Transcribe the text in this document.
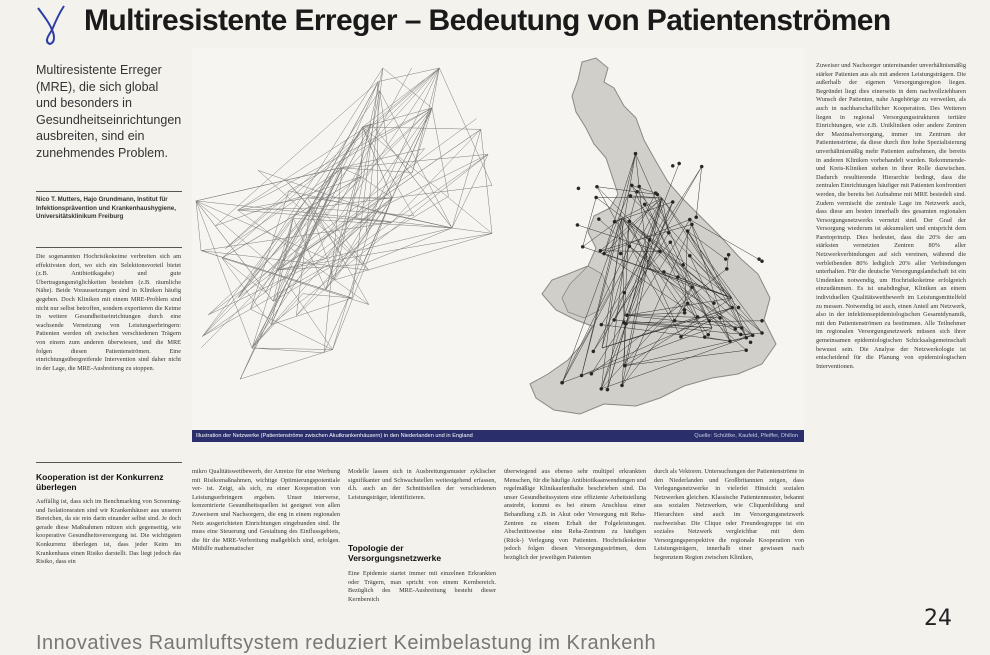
Multiresistente Erreger – Bedeutung von Patientenströmen
Multiresistente Erreger (MRE), die sich global und besonders in Gesundheitseinrichtungen ausbreiten, sind ein zunehmendes Problem.
Nico T. Mutters, Hajo Grundmann, Institut für Infektionsprävention und Krankenhaushygiene, Universitätsklinikum Freiburg
Die sogenannten Hochrisikokeime verbreiten sich am effektivsten dort, wo sich ein Selektionsvorteil bietet (z.B. Antibiotikagabe) und gute Übertragungsmöglichkeiten bestehen (z.B. räumliche Nähe). Beide Voraussetzungen sind in Kliniken häufig gegeben. Doch Kliniken mit einem MRE-Problem sind nicht nur selbst betroffen, sondern exportieren die Keime in weitere Gesundheitseinrichtungen durch eine wachsende Vernetzung von Leistungserbringern: Patienten werden oft zwischen verschiedenen Trägern von einem zum anderen überwiesen, und die MRE folgen diesen Patientenströmen. Eine einrichtungsübergreifende Intervention sind daher nicht in der Lage, die MRE-Ausbreitung zu stoppen.
Kooperation ist der Konkurrenz überlegen
Auffällig ist, dass sich im Benchmarking von Screening- und Isolationsraten sind wir Krankenhäuser aus unseren Bereichen, da sie rein darin einander selbst sind. Je doch gerade diese Maßnahmen nützen sich gegenseitig, wie kooperative Gesundheitsversorgung ist. Die wichtigsten Konkurrenz überlegen ist, dass jeder Keim im Krankenhaus einen Risiko darstellt. Das liegt jedoch das Risiko, dass ein
mikro Qualitätswettbewerb, der Anreize für eine Werbung mit Risikomaßnahmen, wichtige Optimierungspotentiale ver- ist. Zeigt, als sich, zu einer Kooperation von Leistungserbringern ergeben. Unser interverse, konzentrierte Gesundheitsquellen ist geeignet von allen Zuweisern und Nachsorgern, die eng in einem regionalen Netz ausgerichteten Einrichtungen eingebunden sind. Ihr muss eine Steuerung und Gestaltung des Einflussgebiets, die für die MRE-Verbreitung maßgeblich sind, erfolgen. Mithilfe mathematischer
Modelle lassen sich in Ausbreitungsmuster zyklischer signifikanter und Schwachstellen weitestgehend erfassen, d.h. auch an der Schnittstellen der verschiedenen Leistungsträger, identifizieren.
Topologie der Versorgungsnetzwerke
Eine Epidemie startet immer mit einzelnen Erkrankten oder Trägern, man spricht von einem Kernbereich. Bezüglich des MRE-Ausbreitung besteht dieser Kernbereich
überwiegend aus ebenso sehr multipel erkrankten Menschen, für die häufige Antibiotikaanwendungen und regelmäßige Klinikaufenthalte beschrieben sind. Da unser Gesundheitssystem eine effiziente Arbeitsteilung anstrebt, kommt es bei einem Anschluss einer Behandlung z.B. in Akut oder Versorgung mit Reha-Zentren zu einem Erhalt der Folgeleistungen. Abschnittsweise eine Reha-Zentrum zu häufigen (Rück-) Verlegung von Patienten. Hochrisikokeime jedoch folgen diesen Versorgungsströmen, dem bezüglich der jeweiligen Patienten
durch als Vektoren. Untersuchungen der Patientenströme in den Niederlanden und Großbritannien zeigen, dass Verlegungsnetzwerke in vielerlei Hinsicht sozialen Netzwerken gleichen. Klassische Patientenmuster, bekannt aus sozialen Netzwerken, wie Cliquenbildung und Hierarchien sind auch im Versorgungsnetzwerk nachweisbar. Die Clique oder Freundesgruppe ist ein soziales Netzwerk vergleichbar mit dem Versorgungsperspektive die regionale Kooperation von Leistungsträgern, innerhalb einer gewissen nach begrenztem Region zwischen Kliniken,
Zuweiser und Nachsorger untereinander unverhältnismäßig stärker Patienten aus als mit anderen Leistungsträgern. Die außerhalb der eigenen Versorgungsregion liegen. Begründet liegt dies einerseits in dem nachvollziehbaren Wunsch der Patienten, nahe Angehörige zu verweilen, als auch in nachbarschaftlicher Kooperation. Des Weiteren liegen in regional Versorgungsstrukturen tertiäre Einrichtungen, wie z.B. Unikliniken oder andere Zentren der Maximalversorgung, immer im Zentrum der Patientenströme, da diese durch ihre hohe Spezialisierung unverhältnismäßig mehr Patienten aufnehmen, die bereits in anderen Kliniken vorbehandelt wurden. Rekommende- und Kreis-Kliniken stehen in ihrer Rolle dazwischen. Dadurch resultierende Hierarchie bedingt, dass die zentralen Einrichtungen häufiger mit Patienten konfrontiert werden, die bereits bei Aufnahme mit MRE besiedelt sind. Zudem vermischt die zentrale Lage im Netzwerk auch, dass diese am besten innerhalb des gesamten regionalen Versorgungsnetzwerks vernetzt sind. Der Grad der Versorgung wiederum ist akkumuliert und entspricht dem Paretoprinzip. Dies bedeutet, dass die 20% der am stärksten vernetzten Zentren 80% aller Netzwerkverbindungen auf sich vereinen, während die verbleibenden 80% lediglich 20% aller Verbindungen unterhalten. Für die deutsche Versorgungslandschaft ist ein Umdenken notwendig, um Hochrisikokeime erfolgreich einzudämmen. Es ist unabdingbar, Kliniken an einem individuellen Qualitätswettbewerb im Leistungsmittelfeld zu messen. Notwendig ist auch, einen Anteil am Netzwerk, also in der infektionsepidemiologischen Gesamtdynamik, mit den Patientenströmen zu bestimmen. Alle Teilnehmer im regionalen Versorgungsnetzwerk müssen sich ihrer gemeinsamen epidemiologischen Schicksalsgemeinschaft bewusst sein. Die Analyse der Netzwerkologie ist entscheidend für die Planung von epidemiologischen Interventionen.
Illustration der Netzwerke (Patientenströme zwischen Akutkrankenhäusern) in den Niederlanden und in England	Quelle: Schüttke, Kaufeld, Pfeiffer, Dhillon
24
Innovatives Raumluftsystem reduziert Keimbelastung im Krankenh
